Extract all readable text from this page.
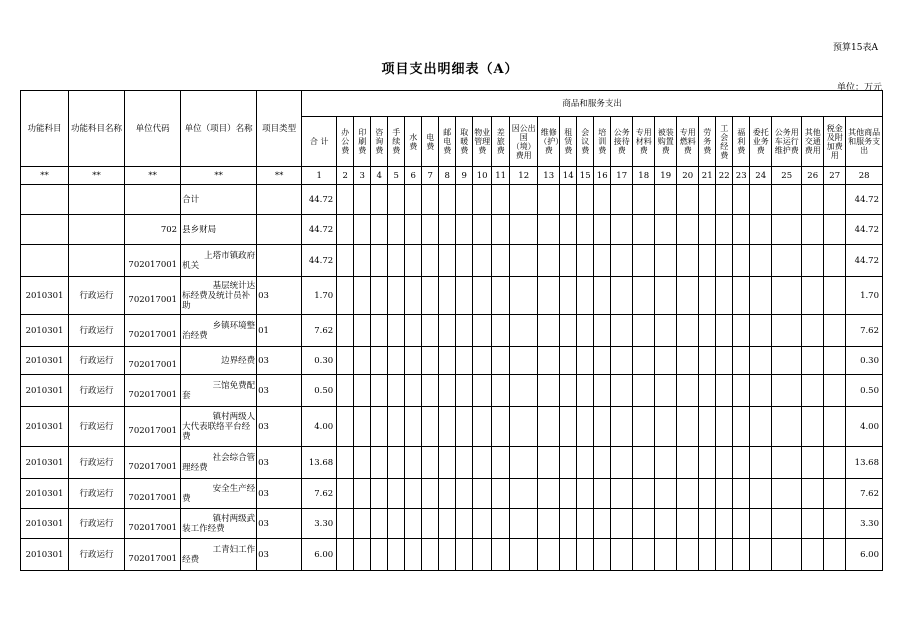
预算15表A
项目支出明细表（A）
单位：万元
功能科目	功能科目名称	单位代码	单位（项目）名称	项目类型	商品和服务支出																											
					合 计	办公费	印刷费	咨询费	手续费	水费	电费	邮电费	取暖费	物业管理费	差旅费	因公出国（境）费用	维修（护）费	租赁费	会议费	培训费	公务接待费	专用材料费	被装购置费	专用燃料费	劳务费	工会经费	福利费	委托业务费	公务用车运行维护费	其他交通费用	税金及附加费用	其他商品和服务支出
**	**	**	**	**	1	2	3	4	5	6	7	8	9	10	11	12	13	14	15	16	17	18	19	20	21	22	23	24	25	26	27	28

			合计		44.72																											44.72
		702	县乡财局		44.72																											44.72

		702017001	上塔市镇政府
机关		44.72																											44.72
2010301	行政运行	702017001	基层统计达
标经费及统计员补助	03	1.70																											1.70
2010301	行政运行	702017001	乡镇环境整
治经费	01	7.62																											7.62
2010301	行政运行	702017001	边界经费	03	0.30																											0.30
2010301	行政运行	702017001	三馆免费配
套	03	0.50																											0.50
2010301	行政运行	702017001	镇村两级人
大代表联络平台经费	03	4.00																											4.00
2010301	行政运行	702017001	社会综合管
理经费	03	13.68																											13.68
2010301	行政运行	702017001	安全生产经
费	03	7.62																											7.62
2010301	行政运行	702017001	镇村两级武
装工作经费	03	3.30																											3.30
2010301	行政运行	702017001	工青妇工作
经费	03	6.00																											6.00
